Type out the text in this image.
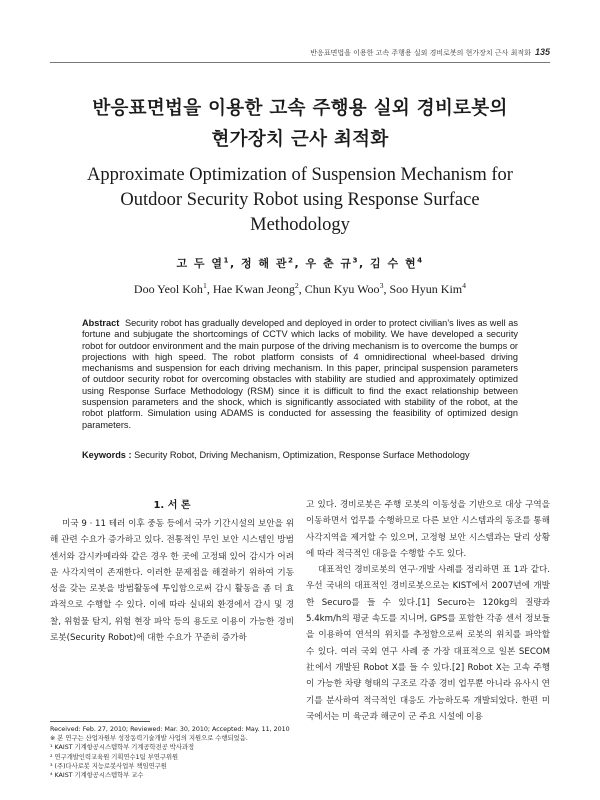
반응표면법을 이용한 고속 주행용 실외 경비로봇의 현가장치 근사 최적화 135
반응표면법을 이용한 고속 주행용 실외 경비로봇의
현가장치 근사 최적화
Approximate Optimization of Suspension Mechanism for
Outdoor Security Robot using Response Surface
Methodology
고 두 열$^1$, 정 해 관$^2$, 우 춘 규$^3$, 김 수 현$^4$
Doo Yeol Koh$^1$, Hae Kwan Jeong$^2$, Chun Kyu Woo$^3$, Soo Hyun Kim$^4$
Abstract Security robot has gradually developed and deployed in order to protect civilian’s lives as well as fortune and subjugate the shortcomings of CCTV which lacks of mobility. We have developed a security robot for outdoor environment and the main purpose of the driving mechanism is to overcome the bumps or projections with high speed. The robot platform consists of 4 omnidirectional wheel-based driving mechanisms and suspension for each driving mechanism. In this paper, principal suspension parameters of outdoor security robot for overcoming obstacles with stability are studied and approximately optimized using Response Surface Methodology (RSM) since it is difficult to find the exact relationship between suspension parameters and the shock, which is significantly associated with stability of the robot, at the robot platform. Simulation using ADAMS is conducted for assessing the feasibility of optimized design parameters.
Keywords : Security Robot, Driving Mechanism, Optimization, Response Surface Methodology
1. 서 론

미국 9 · 11 테러 이후 중동 등에서 국가 기간시설의 보안을 위해 관련 수요가 증가하고 있다. 전통적인 무인 보안 시스템인 방범센서와 감시카메라와 같은 경우 한 곳에 고정돼 있어 감시가 어려운 사각지역이 존재한다. 이러한 문제점을 해결하기 위하여 기동성을 갖는 로봇을 방범활동에 투입함으로써 감시 활동을 좀 더 효과적으로 수행할 수 있다. 이에 따라 실내외 환경에서 감시 및 경찰, 위험물 탐지, 위험 현장 파악 등의 용도로 이용이 가능한 경비로봇(Security Robot)에 대한 수요가 꾸준히 증가하

고 있다. 경비로봇은 주행 로봇의 이동성을 기반으로 대상 구역을 이동하면서 업무를 수행하므로 다른 보안 시스템과의 동조를 통해 사각지역을 제거할 수 있으며, 고정형 보안 시스템과는 달리 상황에 따라 적극적인 대응을 수행할 수도 있다.

대표적인 경비로봇의 연구·개발 사례를 정리하면 표 1과 같다. 우선 국내의 대표적인 경비로봇으로는 KIST에서 2007년에 개발한 Securo를 들 수 있다.[1] Securo는 120kg의 질량과 5.4km/h의 평균 속도를 지니며, GPS를 포함한 각종 센서 정보들을 이용하여 연석의 위치를 추정함으로써 로봇의 위치를 파악할 수 있다. 여러 국외 연구 사례 중 가장 대표적으로 일본 SECOM社에서 개발된 Robot X를 들 수 있다.[2] Robot X는 고속 주행이 가능한 차량 형태의 구조로 각종 경비 업무뿐 아니라 유사시 연기를 분사하여 적극적인 대응도 가능하도록 개발되었다. 한편 미국에서는 미 육군과 해군이 군 주요 시설에 이용

Received: Feb. 27, 2010; Reviewed: Mar. 30, 2010; Accepted: May. 11, 2010
※ 본 연구는 산업자원부 성장동력기술개발 사업의 지원으로 수행되었음.
¹ KAIST 기계항공시스템학부 기계공학전공 박사과정
² 연구개발인력교육원 기획연수1팀 부연구위원
³ (주)다사로봇 지능로봇사업부 책임연구원
⁴ KAIST 기계항공시스템학부 교수
